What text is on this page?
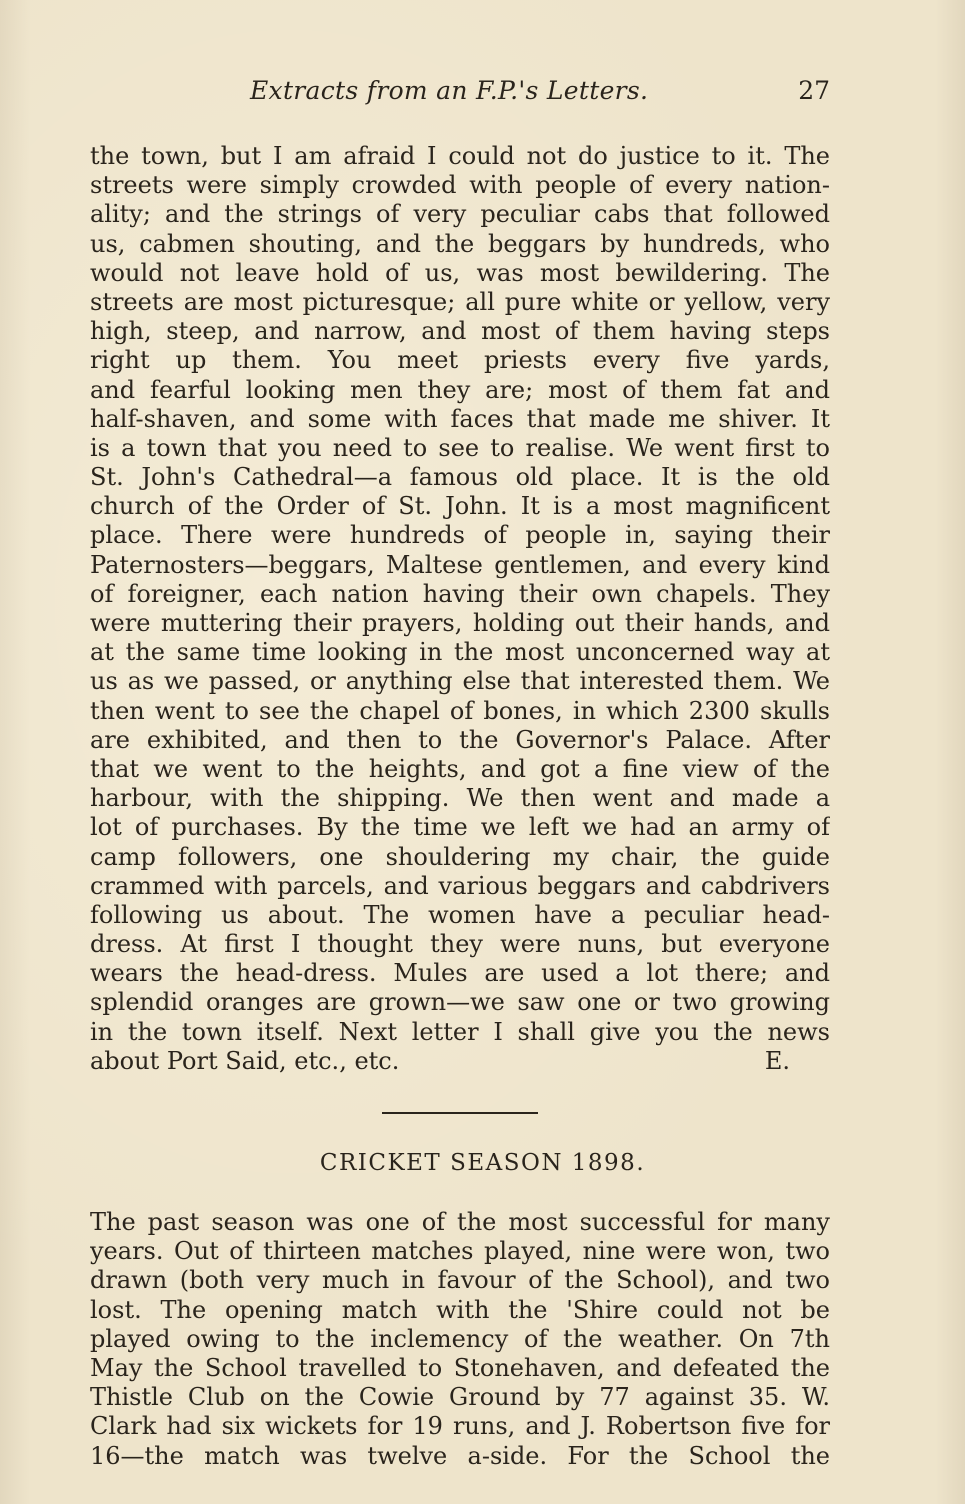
Extracts from an F.P.'s Letters.	27
the town, but I am afraid I could not do justice to it. The
streets were simply crowded with people of every nation-
ality; and the strings of very peculiar cabs that followed
us, cabmen shouting, and the beggars by hundreds, who
would not leave hold of us, was most bewildering. The
streets are most picturesque; all pure white or yellow, very
high, steep, and narrow, and most of them having steps
right up them. You meet priests every five yards,
and fearful looking men they are; most of them fat and
half-shaven, and some with faces that made me shiver. It
is a town that you need to see to realise. We went first to
St. John's Cathedral—a famous old place. It is the old
church of the Order of St. John. It is a most magnificent
place. There were hundreds of people in, saying their
Paternosters—beggars, Maltese gentlemen, and every kind
of foreigner, each nation having their own chapels. They
were muttering their prayers, holding out their hands, and
at the same time looking in the most unconcerned way at
us as we passed, or anything else that interested them. We
then went to see the chapel of bones, in which 2300 skulls
are exhibited, and then to the Governor's Palace. After
that we went to the heights, and got a fine view of the
harbour, with the shipping. We then went and made a
lot of purchases. By the time we left we had an army of
camp followers, one shouldering my chair, the guide
crammed with parcels, and various beggars and cabdrivers
following us about. The women have a peculiar head-
dress. At first I thought they were nuns, but everyone
wears the head-dress. Mules are used a lot there; and
splendid oranges are grown—we saw one or two growing
in the town itself. Next letter I shall give you the news
about Port Said, etc., etc.	E.
CRICKET SEASON 1898.
The past season was one of the most successful for many
years. Out of thirteen matches played, nine were won, two
drawn (both very much in favour of the School), and two
lost. The opening match with the 'Shire could not be
played owing to the inclemency of the weather. On 7th
May the School travelled to Stonehaven, and defeated the
Thistle Club on the Cowie Ground by 77 against 35. W.
Clark had six wickets for 19 runs, and J. Robertson five for
16—the match was twelve a-side. For the School the
